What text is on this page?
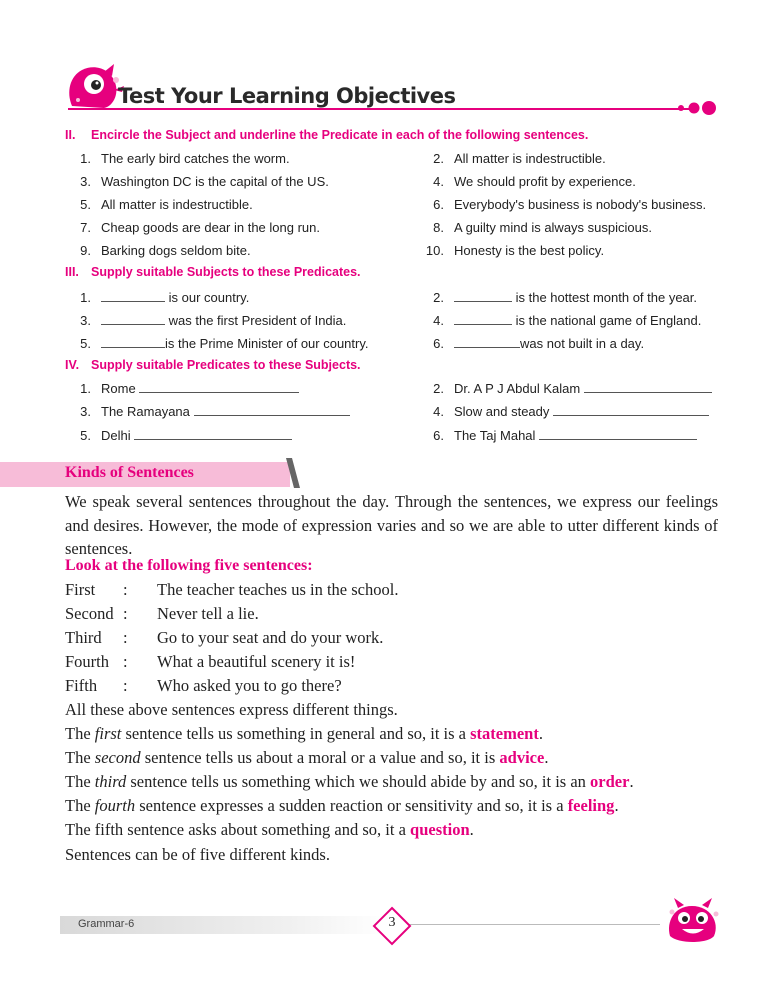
Test Your Learning Objectives
II. Encircle the Subject and underline the Predicate in each of the following sentences.
1. The early bird catches the worm.	2. All matter is indestructible.
3. Washington DC is the capital of the US.	4. We should profit by experience.
5. All matter is indestructible.	6. Everybody's business is nobody's business.
7. Cheap goods are dear in the long run.	8. A guilty mind is always suspicious.
9. Barking dogs seldom bite.	10. Honesty is the best policy.
III. Supply suitable Subjects to these Predicates.
1.	is our country.	2.	is the hottest month of the year.
3.	was the first President of India.	4.	is the national game of England.
5.	is the Prime Minister of our country.	6.	was not built in a day.
IV. Supply suitable Predicates to these Subjects.
1. Rome	2. Dr. A P J Abdul Kalam
3. The Ramayana	4. Slow and steady
5. Delhi	6. The Taj Mahal
Kinds of Sentences
We speak several sentences throughout the day. Through the sentences, we express our feelings and desires. However, the mode of expression varies and so we are able to utter different kinds of sentences.
Look at the following five sentences:
First : The teacher teaches us in the school.
Second : Never tell a lie.
Third : Go to your seat and do your work.
Fourth : What a beautiful scenery it is!
Fifth : Who asked you to go there?
All these above sentences express different things.
The first sentence tells us something in general and so, it is a statement.
The second sentence tells us about a moral or a value and so, it is advice.
The third sentence tells us something which we should abide by and so, it is an order.
The fourth sentence expresses a sudden reaction or sensitivity and so, it is a feeling.
The fifth sentence asks about something and so, it a question.
Sentences can be of five different kinds.
Grammar-6	3
